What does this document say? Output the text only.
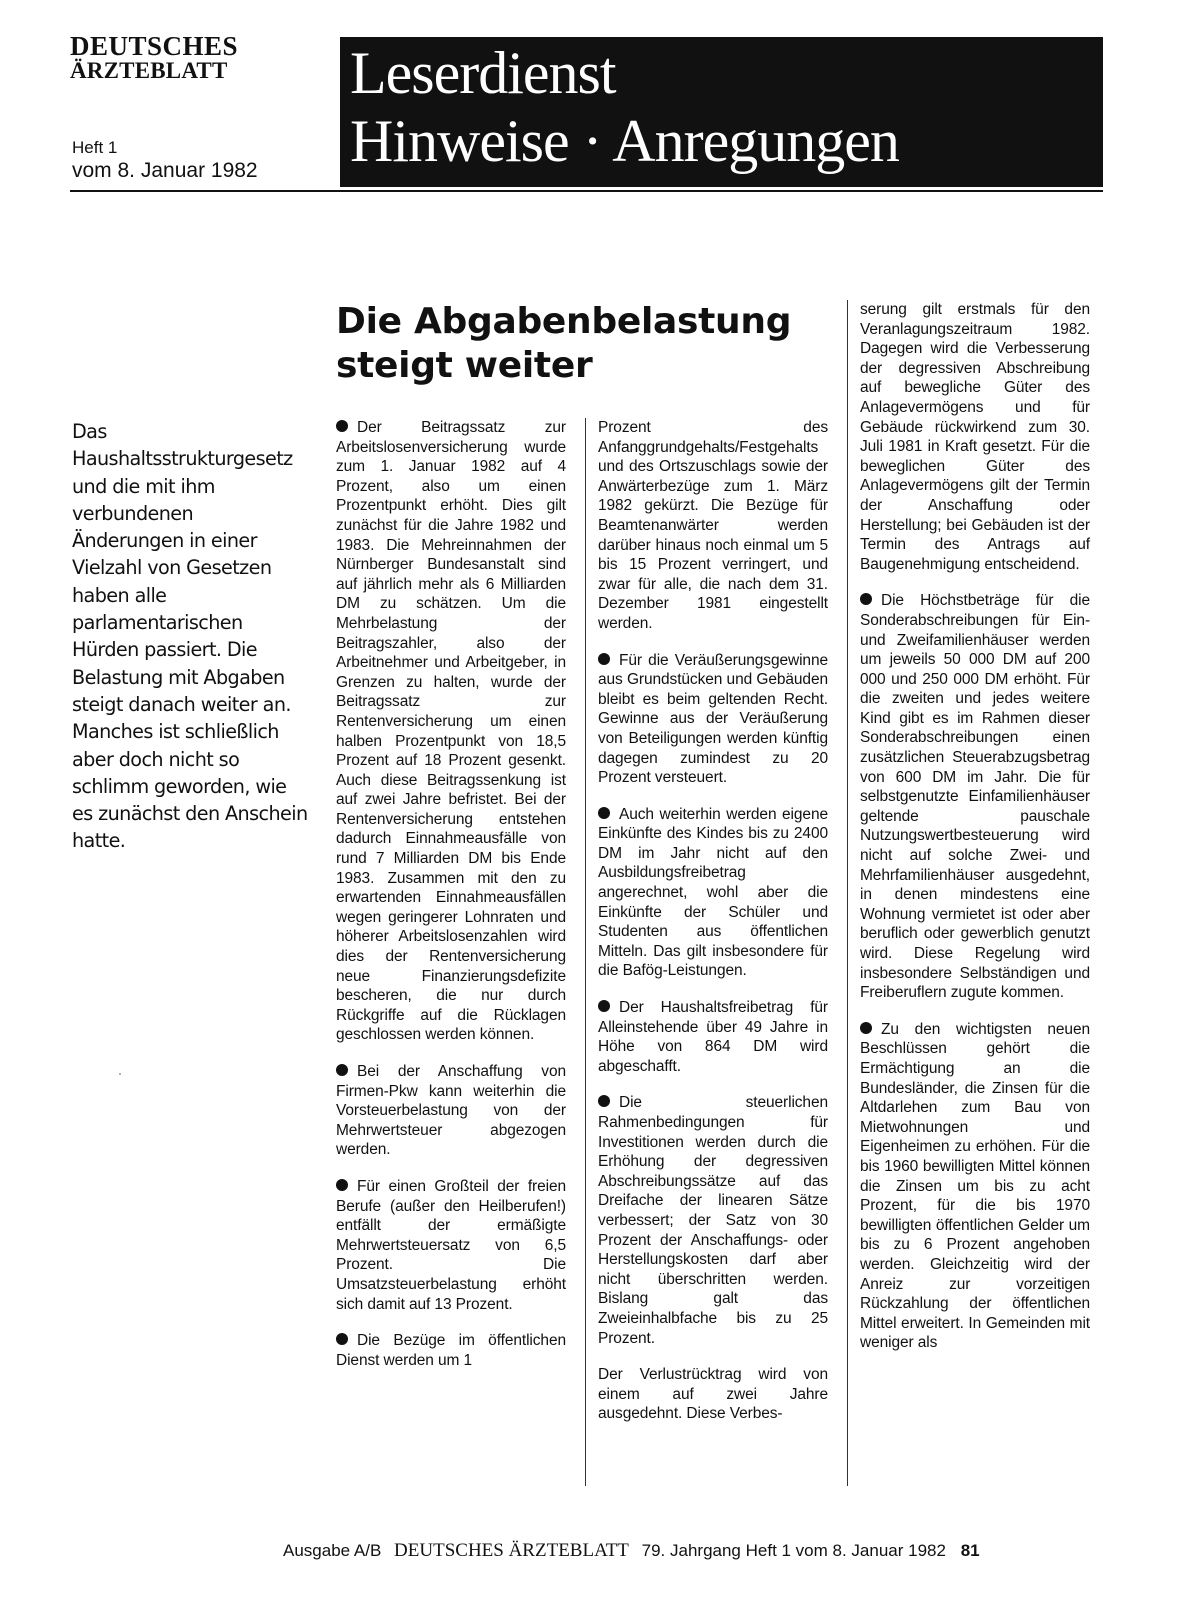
DEUTSCHES
ÄRZTEBLATT
Heft 1
vom 8. Januar 1982
Leserdienst
Hinweise · Anregungen
Die Abgabenbelastung steigt weiter

Das Haushaltsstrukturgesetz und die mit ihm verbundenen Änderungen in einer Vielzahl von Gesetzen haben alle parlamentarischen Hürden passiert. Die Belastung mit Abgaben steigt danach weiter an. Manches ist schließlich aber doch nicht so schlimm geworden, wie es zunächst den Anschein hatte.

Der Beitragssatz zur Arbeitslosenversicherung wurde zum 1. Januar 1982 auf 4 Prozent, also um einen Prozentpunkt erhöht. Dies gilt zunächst für die Jahre 1982 und 1983. Die Mehreinnahmen der Nürnberger Bundesanstalt sind auf jährlich mehr als 6 Milliarden DM zu schätzen. Um die Mehrbelastung der Beitragszahler, also der Arbeitnehmer und Arbeitgeber, in Grenzen zu halten, wurde der Beitragssatz zur Rentenversicherung um einen halben Prozentpunkt von 18,5 Prozent auf 18 Prozent gesenkt. Auch diese Beitragssenkung ist auf zwei Jahre befristet. Bei der Rentenversicherung entstehen dadurch Einnahmeausfälle von rund 7 Milliarden DM bis Ende 1983. Zusammen mit den zu erwartenden Einnahmeausfällen wegen geringerer Lohnraten und höherer Arbeitslosenzahlen wird dies der Rentenversicherung neue Finanzierungsdefizite bescheren, die nur durch Rückgriffe auf die Rücklagen geschlossen werden können.

Bei der Anschaffung von Firmen-Pkw kann weiterhin die Vorsteuerbelastung von der Mehrwertsteuer abgezogen werden.

Für einen Großteil der freien Berufe (außer den Heilberufen!) entfällt der ermäßigte Mehrwertsteuersatz von 6,5 Prozent. Die Umsatzsteuerbelastung erhöht sich damit auf 13 Prozent.

Die Bezüge im öffentlichen Dienst werden um 1

Prozent des Anfanggrundgehalts/Festgehalts und des Ortszuschlags sowie der Anwärterbezüge zum 1. März 1982 gekürzt. Die Bezüge für Beamtenanwärter werden darüber hinaus noch einmal um 5 bis 15 Prozent verringert, und zwar für alle, die nach dem 31. Dezember 1981 eingestellt werden.

Für die Veräußerungsgewinne aus Grundstücken und Gebäuden bleibt es beim geltenden Recht. Gewinne aus der Veräußerung von Beteiligungen werden künftig dagegen zumindest zu 20 Prozent versteuert.

Auch weiterhin werden eigene Einkünfte des Kindes bis zu 2400 DM im Jahr nicht auf den Ausbildungsfreibetrag angerechnet, wohl aber die Einkünfte der Schüler und Studenten aus öffentlichen Mitteln. Das gilt insbesondere für die Bafög-Leistungen.

Der Haushaltsfreibetrag für Alleinstehende über 49 Jahre in Höhe von 864 DM wird abgeschafft.

Die steuerlichen Rahmenbedingungen für Investitionen werden durch die Erhöhung der degressiven Abschreibungssätze auf das Dreifache der linearen Sätze verbessert; der Satz von 30 Prozent der Anschaffungs- oder Herstellungskosten darf aber nicht überschritten werden. Bislang galt das Zweieinhalbfache bis zu 25 Prozent.

Der Verlustrücktrag wird von einem auf zwei Jahre ausgedehnt. Diese Verbes-

serung gilt erstmals für den Veranlagungszeitraum 1982. Dagegen wird die Verbesserung der degressiven Abschreibung auf bewegliche Güter des Anlagevermögens und für Gebäude rückwirkend zum 30. Juli 1981 in Kraft gesetzt. Für die beweglichen Güter des Anlagevermögens gilt der Termin der Anschaffung oder Herstellung; bei Gebäuden ist der Termin des Antrags auf Baugenehmigung entscheidend.

Die Höchstbeträge für die Sonderabschreibungen für Ein- und Zweifamilienhäuser werden um jeweils 50 000 DM auf 200 000 und 250 000 DM erhöht. Für die zweiten und jedes weitere Kind gibt es im Rahmen dieser Sonderabschreibungen einen zusätzlichen Steuerabzugsbetrag von 600 DM im Jahr. Die für selbstgenutzte Einfamilienhäuser geltende pauschale Nutzungswertbesteuerung wird nicht auf solche Zwei- und Mehrfamilienhäuser ausgedehnt, in denen mindestens eine Wohnung vermietet ist oder aber beruflich oder gewerblich genutzt wird. Diese Regelung wird insbesondere Selbständigen und Freiberuflern zugute kommen.

Zu den wichtigsten neuen Beschlüssen gehört die Ermächtigung an die Bundesländer, die Zinsen für die Altdarlehen zum Bau von Mietwohnungen und Eigenheimen zu erhöhen. Für die bis 1960 bewilligten Mittel können die Zinsen um bis zu acht Prozent, für die bis 1970 bewilligten öffentlichen Gelder um bis zu 6 Prozent angehoben werden. Gleichzeitig wird der Anreiz zur vorzeitigen Rückzahlung der öffentlichen Mittel erweitert. In Gemeinden mit weniger als

Ausgabe A/B DEUTSCHES ÄRZTEBLATT 79. Jahrgang Heft 1 vom 8. Januar 1982 81
